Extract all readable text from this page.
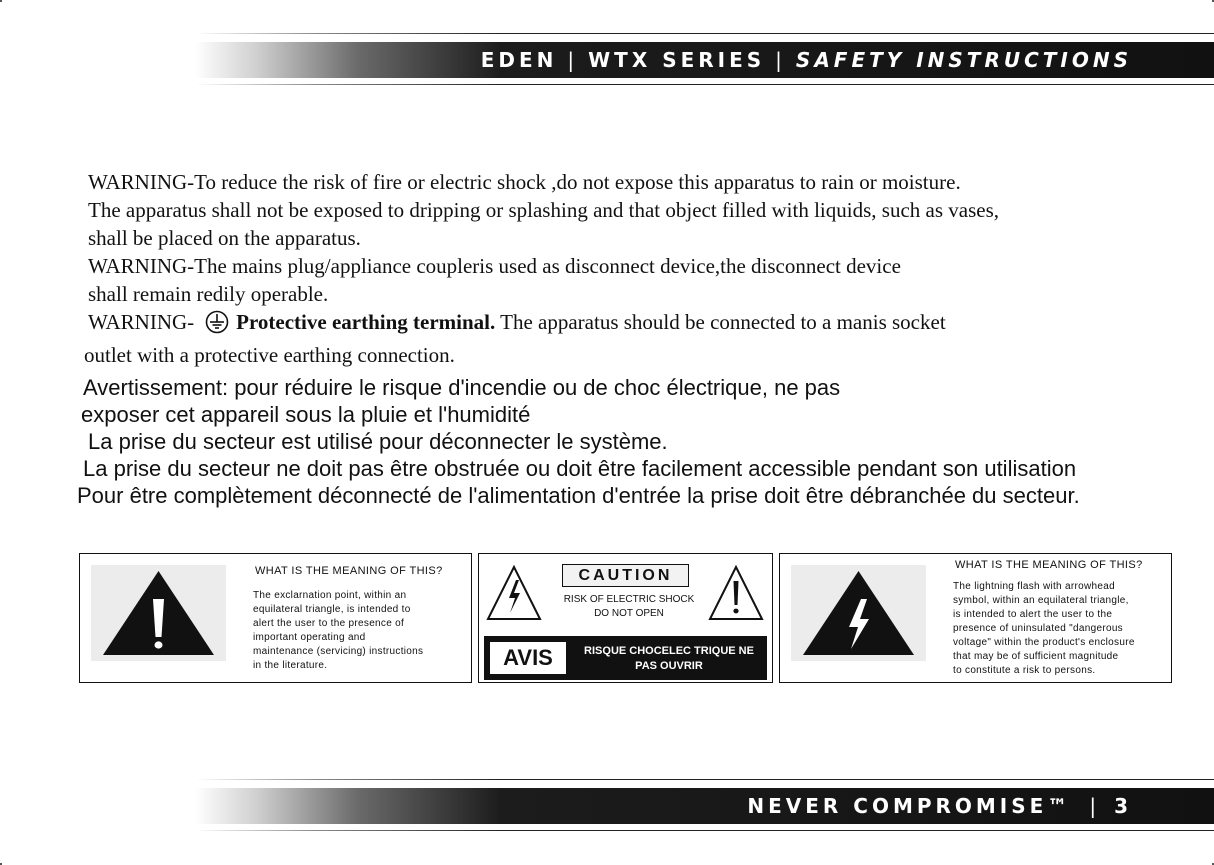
EDEN | WTX SERIES | SAFETY INSTRUCTIONS

WARNING-To reduce the risk of fire or electric shock ,do not expose this apparatus to rain or moisture.

The apparatus shall not be exposed to dripping or splashing and that object filled with liquids, such as vases,

shall be placed on the apparatus.

WARNING-The mains plug/appliance coupleris used as disconnect device,the disconnect device

shall remain redily operable.

WARNING- Protective earthing terminal. The apparatus should be connected to a manis socket

outlet with a protective earthing connection.

Avertissement: pour réduire le risque d'incendie ou de choc électrique, ne pas

exposer cet appareil sous la pluie et l'humidité

La prise du secteur est utilisé pour déconnecter le système.

La prise du secteur ne doit pas être obstruée ou doit être facilement accessible pendant son utilisation

Pour être complètement déconnecté de l'alimentation d'entrée la prise doit être débranchée du secteur.

WHAT IS THE MEANING OF THIS?
The exclarnation point, within an
equilateral triangle, is intended to
alert the user to the presence of
important operating and
maintenance (servicing) instructions
in the literature.
CAUTION
RISK OF ELECTRIC SHOCK
DO NOT OPEN
AVIS	RISQUE CHOCELEC TRIQUE NE
PAS OUVRIR
WHAT IS THE MEANING OF THIS?
The lightning flash with arrowhead
symbol, within an equilateral triangle,
is intended to alert the user to the
presence of uninsulated "dangerous
voltage" within the product's enclosure
that may be of sufficient magnitude
to constitute a risk to persons.
NEVER COMPROMISE™ | 3
